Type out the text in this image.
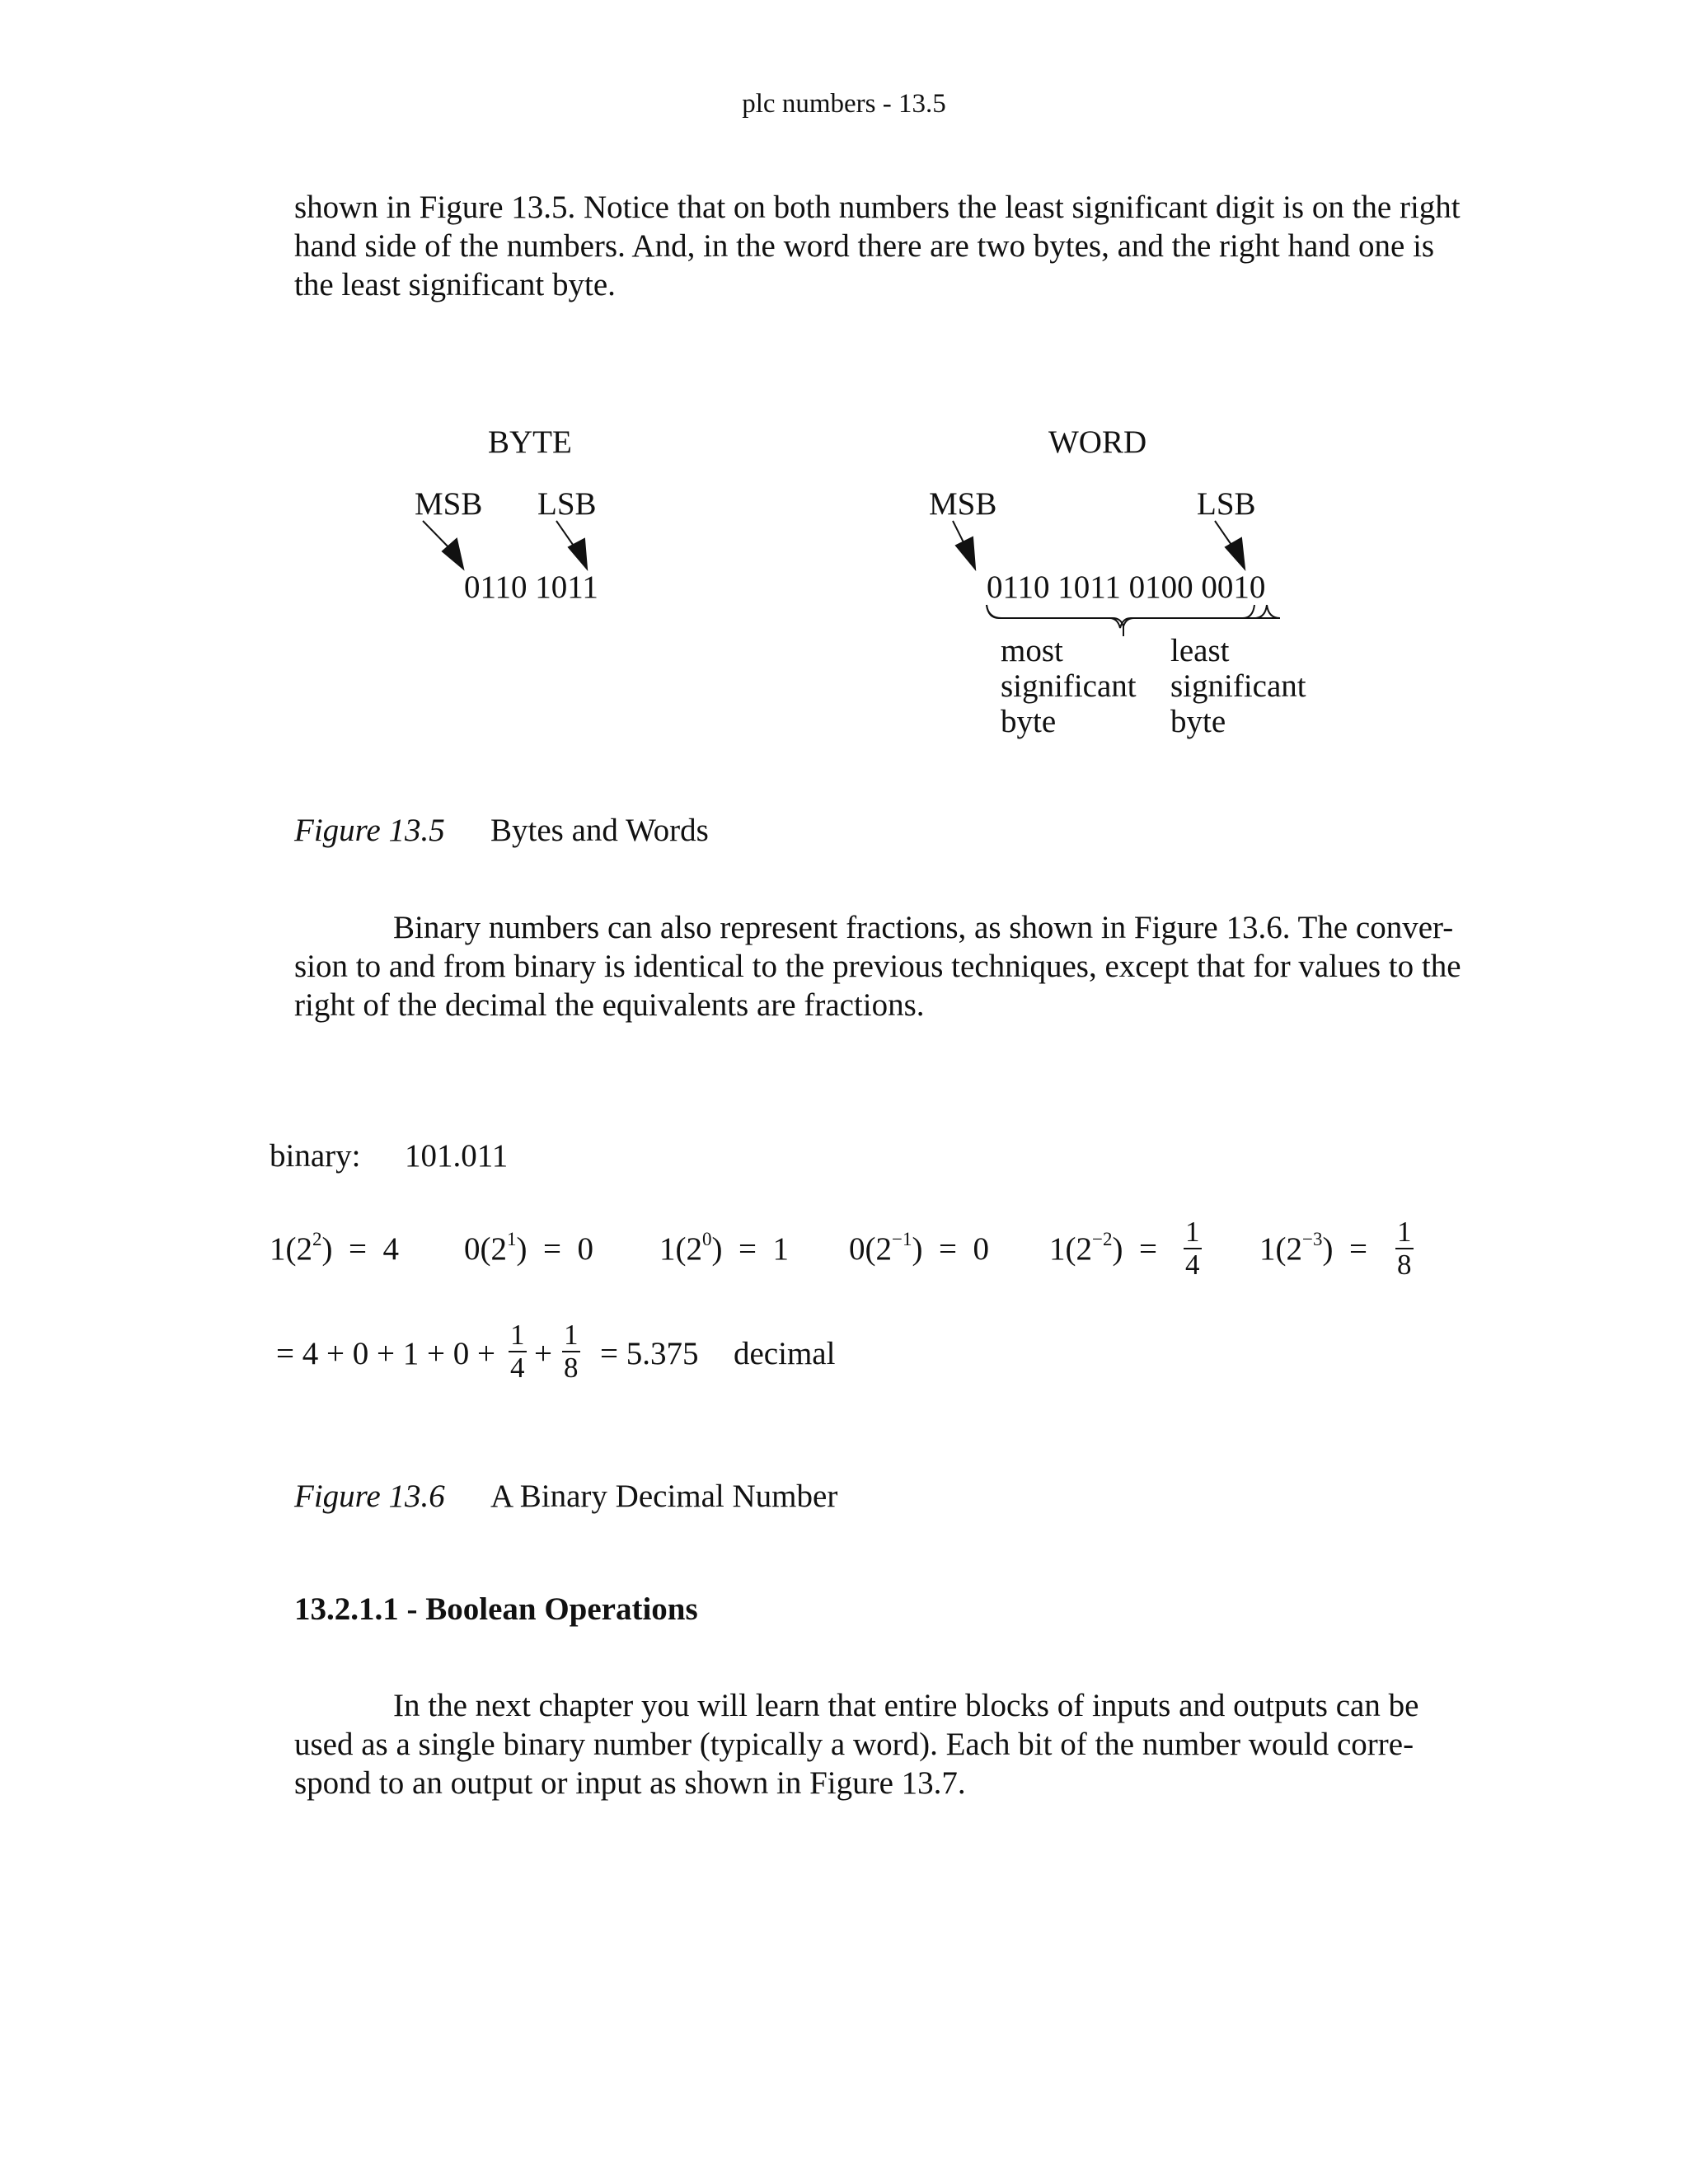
plc numbers - 13.5
shown in Figure 13.5. Notice that on both numbers the least significant digit is on the right
hand side of the numbers. And, in the word there are two bytes, and the right hand one is
the least significant byte.
BYTE
MSB LSB
0110 1011
WORD
MSB	LSB
0110 1011 0100 0010
most
significant
byte
least
significant
byte
Figure 13.5 Bytes and Words
Binary numbers can also represent fractions, as shown in Figure 13.6. The conver-
sion to and from binary is identical to the previous techniques, except that for values to the
right of the decimal the equivalents are fractions.
binary: 101.011
$1(2^2) = 4$ $0(2^1) = 0$ $1(2^0) = 1$ $0(2^{-1}) = 0$ $1(2^{-2}) = \frac{1}{4} 1(2^{-3}) = \frac{1}{8}$
= $4 + 0 + 1 + 0 + \frac{1}{4} + \frac{1}{8} = 5.375$ decimal
Figure 13.6 A Binary Decimal Number
13.2.1.1 - Boolean Operations
In the next chapter you will learn that entire blocks of inputs and outputs can be
used as a single binary number (typically a word). Each bit of the number would corre-
spond to an output or input as shown in Figure 13.7.
